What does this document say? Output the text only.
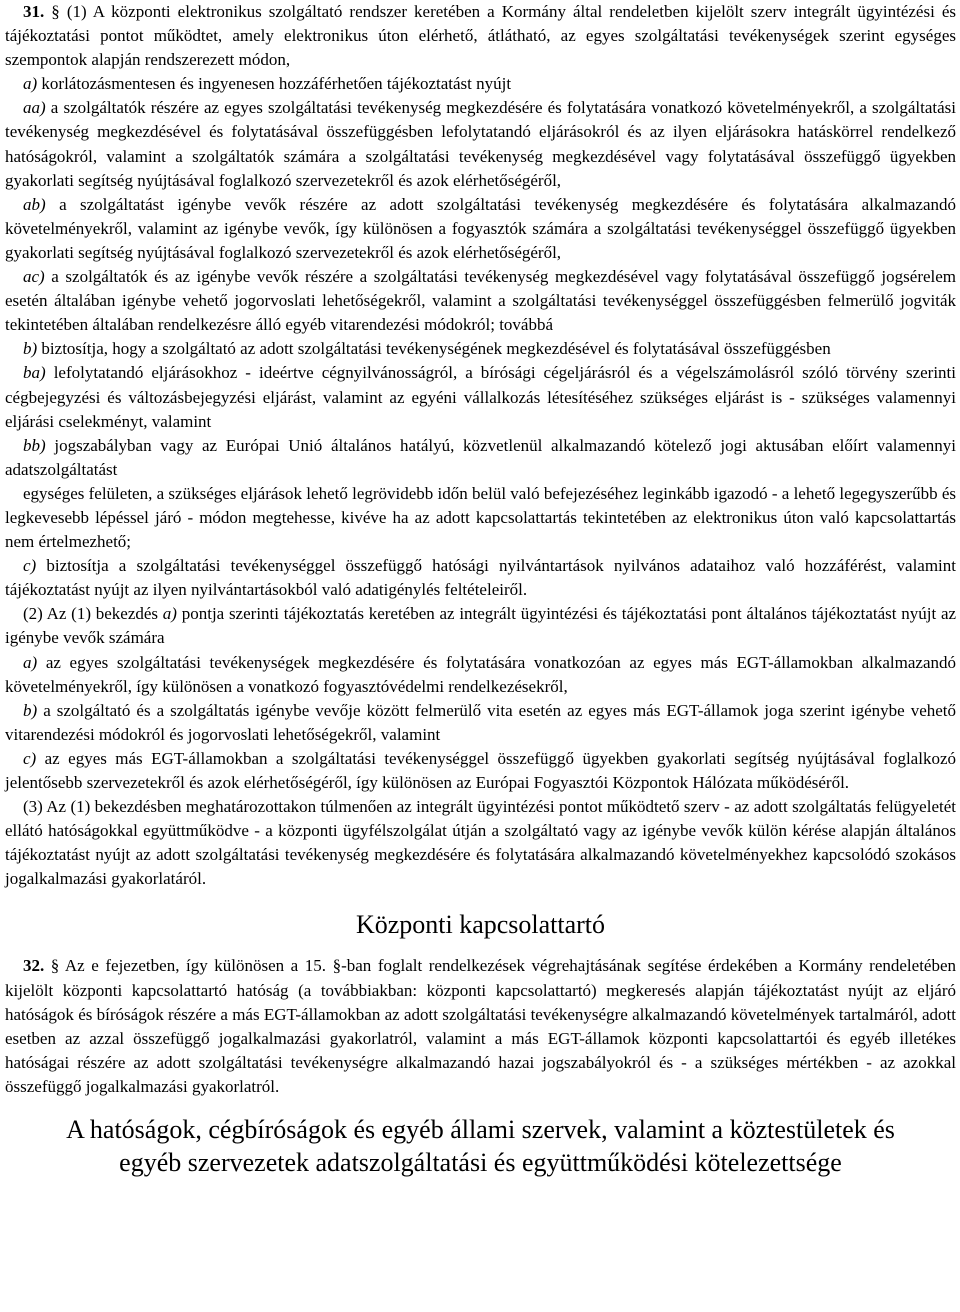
31. § (1) A központi elektronikus szolgáltató rendszer keretében a Kormány által rendeletben kijelölt szerv integrált ügyintézési és tájékoztatási pontot működtet, amely elektronikus úton elérhető, átlátható, az egyes szolgáltatási tevékenységek szerint egységes szempontok alapján rendszerezett módon,

a) korlátozásmentesen és ingyenesen hozzáférhetően tájékoztatást nyújt

aa) a szolgáltatók részére az egyes szolgáltatási tevékenység megkezdésére és folytatására vonatkozó követelményekről, a szolgáltatási tevékenység megkezdésével és folytatásával összefüggésben lefolytatandó eljárásokról és az ilyen eljárásokra hatáskörrel rendelkező hatóságokról, valamint a szolgáltatók számára a szolgáltatási tevékenység megkezdésével vagy folytatásával összefüggő ügyekben gyakorlati segítség nyújtásával foglalkozó szervezetekről és azok elérhetőségéről,

ab) a szolgáltatást igénybe vevők részére az adott szolgáltatási tevékenység megkezdésére és folytatására alkalmazandó követelményekről, valamint az igénybe vevők, így különösen a fogyasztók számára a szolgáltatási tevékenységgel összefüggő ügyekben gyakorlati segítség nyújtásával foglalkozó szervezetekről és azok elérhetőségéről,

ac) a szolgáltatók és az igénybe vevők részére a szolgáltatási tevékenység megkezdésével vagy folytatásával összefüggő jogsérelem esetén általában igénybe vehető jogorvoslati lehetőségekről, valamint a szolgáltatási tevékenységgel összefüggésben felmerülő jogviták tekintetében általában rendelkezésre álló egyéb vitarendezési módokról; továbbá

b) biztosítja, hogy a szolgáltató az adott szolgáltatási tevékenységének megkezdésével és folytatásával összefüggésben

ba) lefolytatandó eljárásokhoz - ideértve cégnyilvánosságról, a bírósági cégeljárásról és a végelszámolásról szóló törvény szerinti cégbejegyzési és változásbejegyzési eljárást, valamint az egyéni vállalkozás létesítéséhez szükséges eljárást is - szükséges valamennyi eljárási cselekményt, valamint

bb) jogszabályban vagy az Európai Unió általános hatályú, közvetlenül alkalmazandó kötelező jogi aktusában előírt valamennyi adatszolgáltatást

egységes felületen, a szükséges eljárások lehető legrövidebb időn belül való befejezéséhez leginkább igazodó - a lehető legegyszerűbb és legkevesebb lépéssel járó - módon megtehesse, kivéve ha az adott kapcsolattartás tekintetében az elektronikus úton való kapcsolattartás nem értelmezhető;

c) biztosítja a szolgáltatási tevékenységgel összefüggő hatósági nyilvántartások nyilvános adataihoz való hozzáférést, valamint tájékoztatást nyújt az ilyen nyilvántartásokból való adatigénylés feltételeiről.

(2) Az (1) bekezdés a) pontja szerinti tájékoztatás keretében az integrált ügyintézési és tájékoztatási pont általános tájékoztatást nyújt az igénybe vevők számára

a) az egyes szolgáltatási tevékenységek megkezdésére és folytatására vonatkozóan az egyes más EGT-államokban alkalmazandó követelményekről, így különösen a vonatkozó fogyasztóvédelmi rendelkezésekről,

b) a szolgáltató és a szolgáltatás igénybe vevője között felmerülő vita esetén az egyes más EGT-államok joga szerint igénybe vehető vitarendezési módokról és jogorvoslati lehetőségekről, valamint

c) az egyes más EGT-államokban a szolgáltatási tevékenységgel összefüggő ügyekben gyakorlati segítség nyújtásával foglalkozó jelentősebb szervezetekről és azok elérhetőségéről, így különösen az Európai Fogyasztói Központok Hálózata működéséről.

(3) Az (1) bekezdésben meghatározottakon túlmenően az integrált ügyintézési pontot működtető szerv - az adott szolgáltatás felügyeletét ellátó hatóságokkal együttműködve - a központi ügyfélszolgálat útján a szolgáltató vagy az igénybe vevők külön kérése alapján általános tájékoztatást nyújt az adott szolgáltatási tevékenység megkezdésére és folytatására alkalmazandó követelményekhez kapcsolódó szokásos jogalkalmazási gyakorlatáról.

Központi kapcsolattartó

32. § Az e fejezetben, így különösen a 15. §-ban foglalt rendelkezések végrehajtásának segítése érdekében a Kormány rendeletében kijelölt központi kapcsolattartó hatóság (a továbbiakban: központi kapcsolattartó) megkeresés alapján tájékoztatást nyújt az eljáró hatóságok és bíróságok részére a más EGT-államokban az adott szolgáltatási tevékenységre alkalmazandó követelmények tartalmáról, adott esetben az azzal összefüggő jogalkalmazási gyakorlatról, valamint a más EGT-államok központi kapcsolattartói és egyéb illetékes hatóságai részére az adott szolgáltatási tevékenységre alkalmazandó hazai jogszabályokról és - a szükséges mértékben - az azokkal összefüggő jogalkalmazási gyakorlatról.

A hatóságok, cégbíróságok és egyéb állami szervek, valamint a köztestületek és
egyéb szervezetek adatszolgáltatási és együttműködési kötelezettsége
